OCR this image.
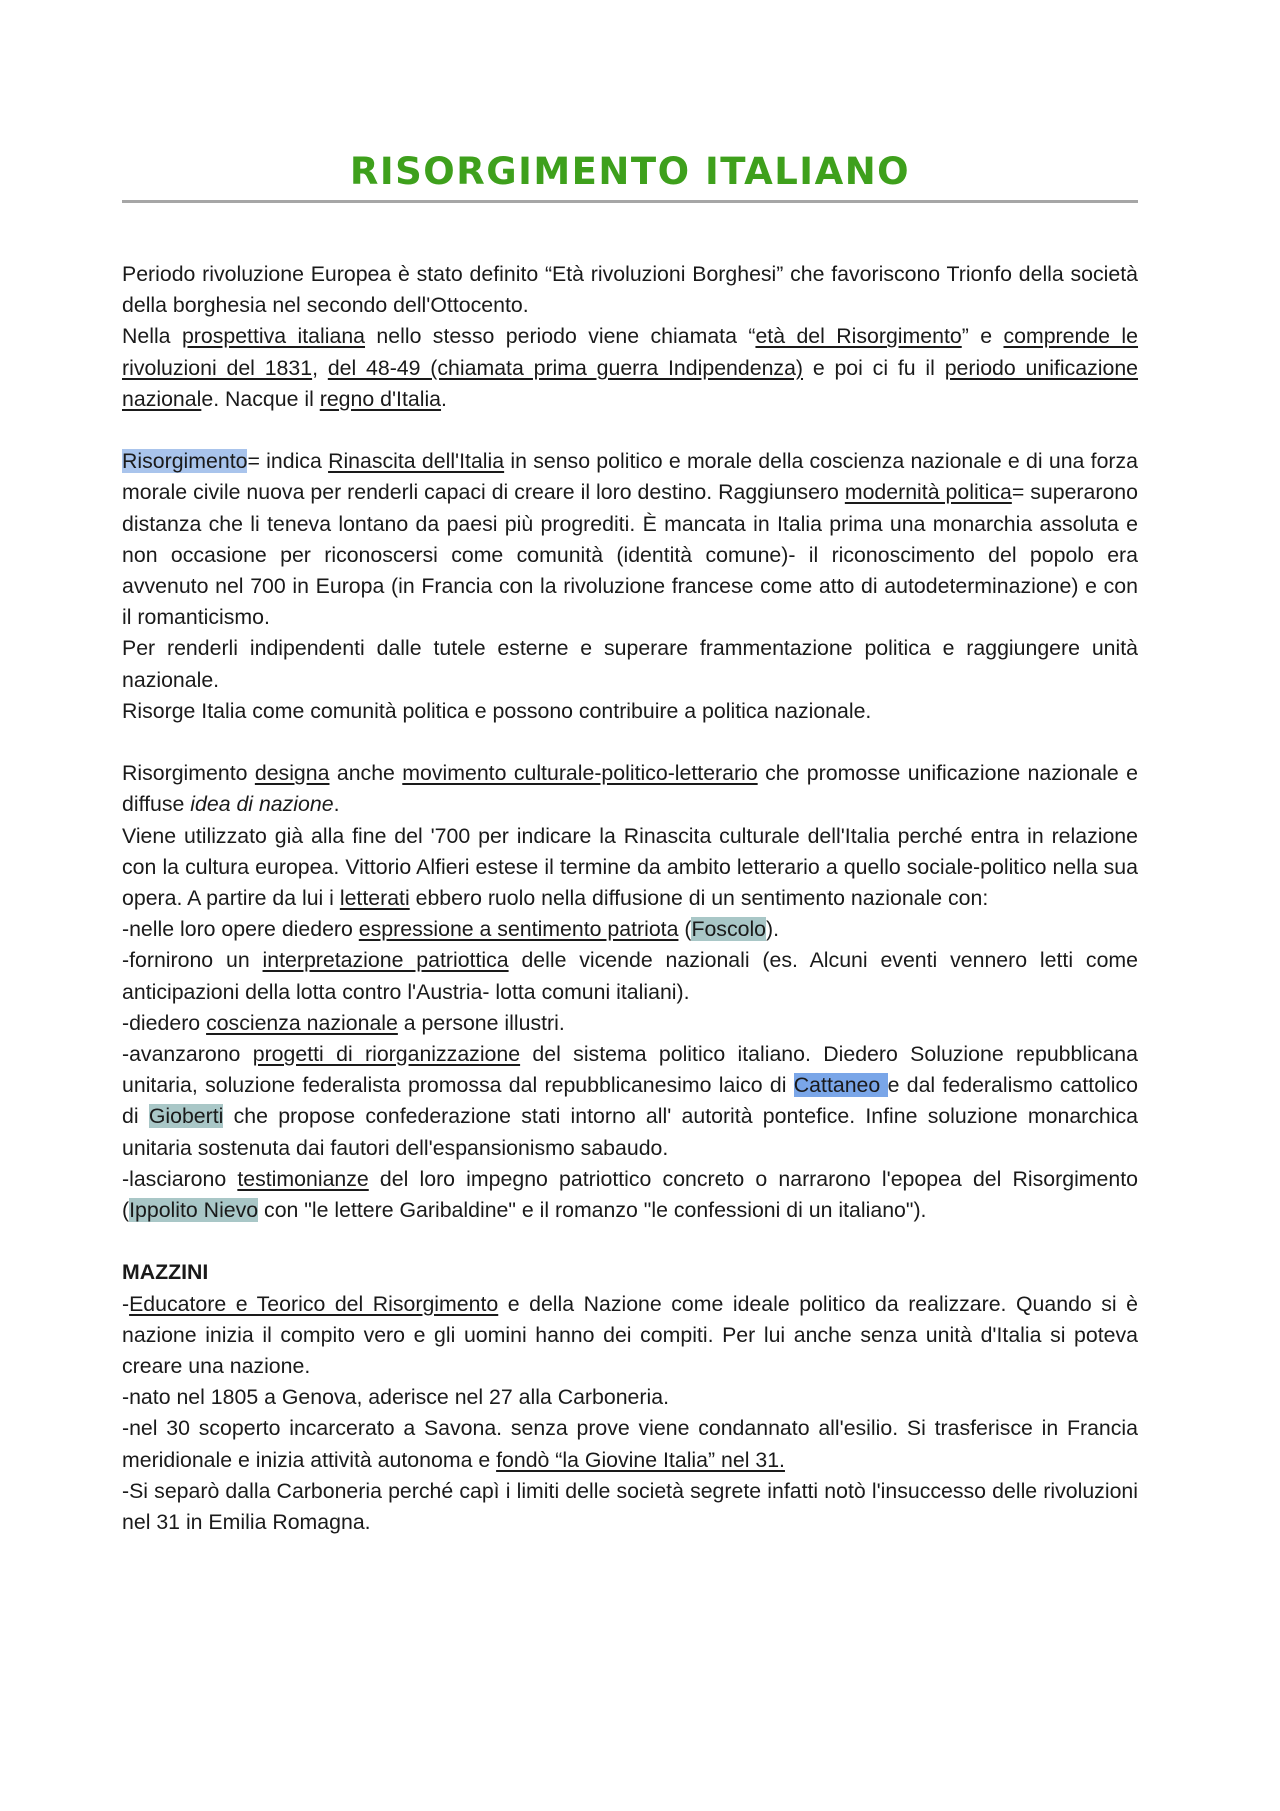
RISORGIMENTO ITALIANO

Periodo rivoluzione Europea è stato definito “Età rivoluzioni Borghesi” che favoriscono Trionfo della società della borghesia nel secondo dell'Ottocento.

Nella prospettiva italiana nello stesso periodo viene chiamata “età del Risorgimento” e comprende le rivoluzioni del 1831, del 48-49 (chiamata prima guerra Indipendenza) e poi ci fu il periodo unificazione nazionale. Nacque il regno d'Italia.

Risorgimento= indica Rinascita dell'Italia in senso politico e morale della coscienza nazionale e di una forza morale civile nuova per renderli capaci di creare il loro destino. Raggiunsero modernità politica= superarono distanza che li teneva lontano da paesi più progrediti. È mancata in Italia prima una monarchia assoluta e non occasione per riconoscersi come comunità (identità comune)- il riconoscimento del popolo era avvenuto nel 700 in Europa (in Francia con la rivoluzione francese come atto di autodeterminazione) e con il romanticismo.

Per renderli indipendenti dalle tutele esterne e superare frammentazione politica e raggiungere unità nazionale.

Risorge Italia come comunità politica e possono contribuire a politica nazionale.

Risorgimento designa anche movimento culturale-politico-letterario che promosse unificazione nazionale e diffuse idea di nazione.

Viene utilizzato già alla fine del '700 per indicare la Rinascita culturale dell'Italia perché entra in relazione con la cultura europea. Vittorio Alfieri estese il termine da ambito letterario a quello sociale-politico nella sua opera. A partire da lui i letterati ebbero ruolo nella diffusione di un sentimento nazionale con:

-nelle loro opere diedero espressione a sentimento patriota (Foscolo).

-fornirono un interpretazione patriottica delle vicende nazionali (es. Alcuni eventi vennero letti come anticipazioni della lotta contro l'Austria- lotta comuni italiani).

-diedero coscienza nazionale a persone illustri.

-avanzarono progetti di riorganizzazione del sistema politico italiano. Diedero Soluzione repubblicana unitaria, soluzione federalista promossa dal repubblicanesimo laico di Cattaneo e dal federalismo cattolico di Gioberti che propose confederazione stati intorno all' autorità pontefice. Infine soluzione monarchica unitaria sostenuta dai fautori dell'espansionismo sabaudo.

-lasciarono testimonianze del loro impegno patriottico concreto o narrarono l'epopea del Risorgimento (Ippolito Nievo con "le lettere Garibaldine" e il romanzo "le confessioni di un italiano").

MAZZINI

-Educatore e Teorico del Risorgimento e della Nazione come ideale politico da realizzare. Quando si è nazione inizia il compito vero e gli uomini hanno dei compiti. Per lui anche senza unità d'Italia si poteva creare una nazione.

-nato nel 1805 a Genova, aderisce nel 27 alla Carboneria.

-nel 30 scoperto incarcerato a Savona. senza prove viene condannato all'esilio. Si trasferisce in Francia meridionale e inizia attività autonoma e fondò “la Giovine Italia” nel 31.

-Si separò dalla Carboneria perché capì i limiti delle società segrete infatti notò l'insuccesso delle rivoluzioni nel 31 in Emilia Romagna.
